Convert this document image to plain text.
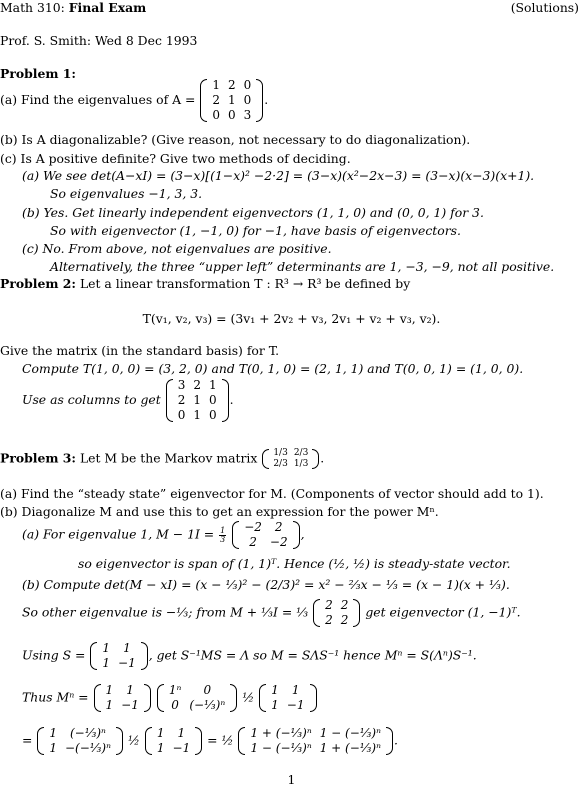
Math 310: Final Exam	(Solutions)
Prof. S. Smith: Wed 8 Dec 1993
Problem 1:
(a) Find the eigenvalues of A =
1	2	0
2	1	0
0	0	3
.
(b) Is A diagonalizable? (Give reason, not necessary to do diagonalization).
(c) Is A positive definite? Give two methods of deciding.
(a) We see det(A−xI) = (3−x)[(1−x)² −2·2] = (3−x)(x²−2x−3) = (3−x)(x−3)(x+1).
So eigenvalues −1, 3, 3.
(b) Yes. Get linearly independent eigenvectors (1, 1, 0) and (0, 0, 1) for 3.
So with eigenvector (1, −1, 0) for −1, have basis of eigenvectors.
(c) No. From above, not eigenvalues are positive.
Alternatively, the three “upper left” determinants are 1, −3, −9, not all positive.
Problem 2: Let a linear transformation T : R³ → R³ be defined by
T(v₁, v₂, v₃) = (3v₁ + 2v₂ + v₃, 2v₁ + v₂ + v₃, v₂).
Give the matrix (in the standard basis) for T.
Compute T(1, 0, 0) = (3, 2, 0) and T(0, 1, 0) = (2, 1, 1) and T(0, 0, 1) = (1, 0, 0).
Use as columns to get
3	2	1
2	1	0
0	1	0
.
Problem 3: Let M be the Markov matrix 1/3	2/3
2/3	1/3 .
(a) Find the “steady state” eigenvector for M. (Components of vector should add to 1).
(b) Diagonalize M and use this to get an expression for the power Mⁿ.
(a) For eigenvalue 1, $M - 1I = \frac{1}{3}$
−2	2
2	−2
,
so eigenvector is span of (1, 1)ᵀ. Hence (½, ½) is steady-state vector.
(b) Compute det(M − xI) = (x − ⅓)² − (2/3)² = x² − ⅔x − ⅓ = (x − 1)(x + ⅓).
So other eigenvalue is −⅓; from M + ⅓I = ⅓ 2	2
2	2
get eigenvector (1, −1)ᵀ.
Using S = 1	1
1	−1
, get S⁻¹MS = Λ so M = SΛS⁻¹ hence Mⁿ = S(Λⁿ)S⁻¹.
Thus Mⁿ = 1	1
1	−1

1ⁿ	0
0	(−⅓)ⁿ
½ 1	1
1	−1
= 1	(−⅓)ⁿ
1	−(−⅓)ⁿ
½ 1	1
1	−1
= ½ 1 + (−⅓)ⁿ	1 − (−⅓)ⁿ
1 − (−⅓)ⁿ	1 + (−⅓)ⁿ
.
1
